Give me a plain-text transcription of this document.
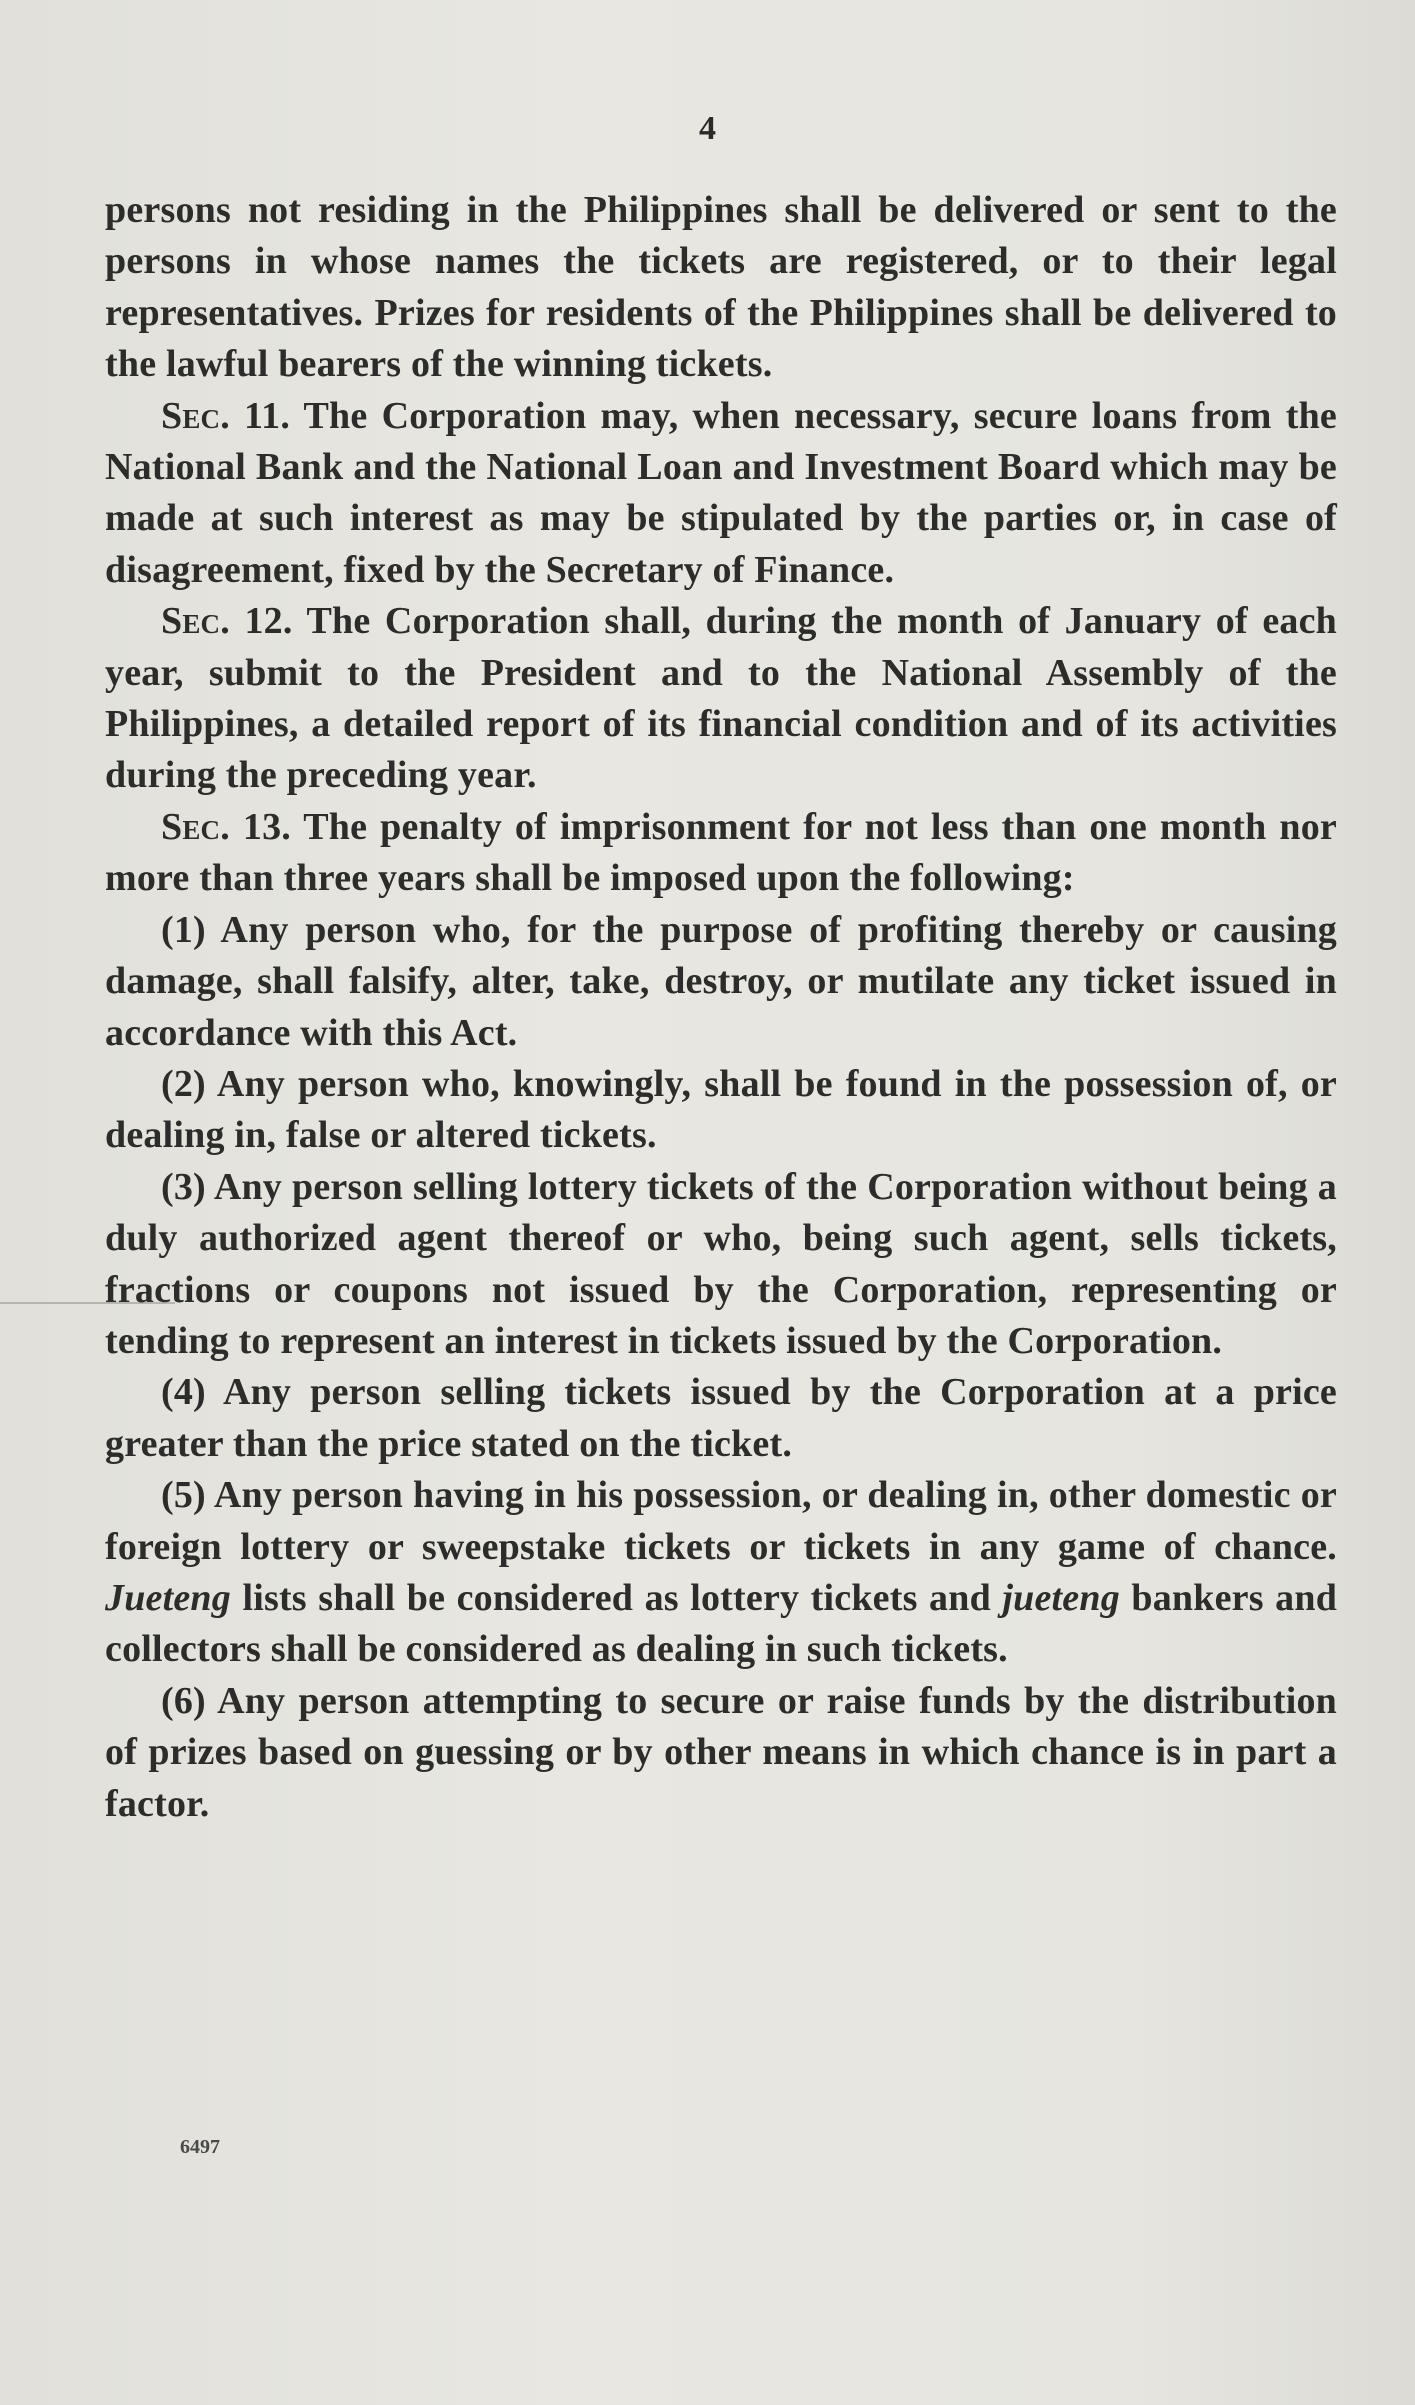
4

persons not residing in the Philippines shall be delivered or sent to the persons in whose names the tickets are registered, or to their legal representatives. Prizes for residents of the Philippines shall be delivered to the lawful bearers of the winning tickets.

Sec. 11. The Corporation may, when necessary, secure loans from the National Bank and the National Loan and Investment Board which may be made at such interest as may be stipulated by the parties or, in case of disagreement, fixed by the Secretary of Finance.

Sec. 12. The Corporation shall, during the month of January of each year, submit to the President and to the National Assembly of the Philippines, a detailed report of its financial condition and of its activities during the preceding year.

Sec. 13. The penalty of imprisonment for not less than one month nor more than three years shall be imposed upon the following:

(1) Any person who, for the purpose of profiting thereby or causing damage, shall falsify, alter, take, destroy, or mutilate any ticket issued in accordance with this Act.

(2) Any person who, knowingly, shall be found in the possession of, or dealing in, false or altered tickets.

(3) Any person selling lottery tickets of the Corporation without being a duly authorized agent thereof or who, being such agent, sells tickets, fractions or coupons not issued by the Corporation, representing or tending to represent an interest in tickets issued by the Corporation.

(4) Any person selling tickets issued by the Corporation at a price greater than the price stated on the ticket.

(5) Any person having in his possession, or dealing in, other domestic or foreign lottery or sweepstake tickets or tickets in any game of chance. Jueteng lists shall be considered as lottery tickets and jueteng bankers and collectors shall be considered as dealing in such tickets.

(6) Any person attempting to secure or raise funds by the distribution of prizes based on guessing or by other means in which chance is in part a factor.

6497
